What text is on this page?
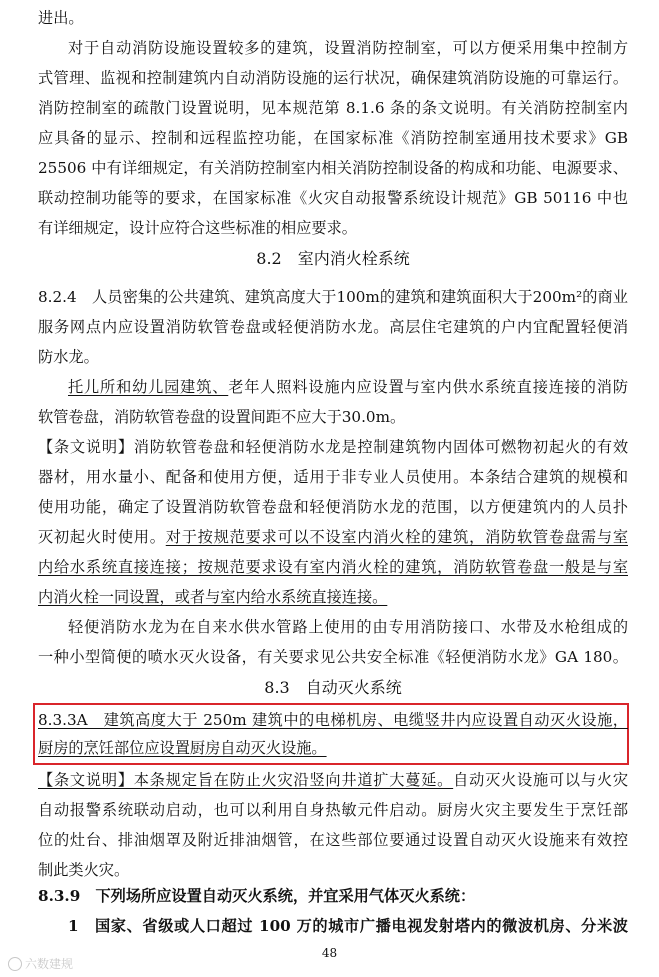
进出。
对于自动消防设施设置较多的建筑，设置消防控制室，可以方便采用集中控制方
式管理、监视和控制建筑内自动消防设施的运行状况，确保建筑消防设施的可靠运行。
消防控制室的疏散门设置说明，见本规范第 8.1.6 条的条文说明。有关消防控制室内
应具备的显示、控制和远程监控功能，在国家标准《消防控制室通用技术要求》GB
25506 中有详细规定，有关消防控制室内相关消防控制设备的构成和功能、电源要求、
联动控制功能等的要求，在国家标准《火灾自动报警系统设计规范》GB 50116 中也
有详细规定，设计应符合这些标准的相应要求。
8.2　室内消火栓系统
8.2.4　人员密集的公共建筑、建筑高度大于100m的建筑和建筑面积大于200m²的商业
服务网点内应设置消防软管卷盘或轻便消防水龙。高层住宅建筑的户内宜配置轻便消
防水龙。
托儿所和幼儿园建筑、老年人照料设施内应设置与室内供水系统直接连接的消防
软管卷盘，消防软管卷盘的设置间距不应大于30.0m。
【条文说明】消防软管卷盘和轻便消防水龙是控制建筑物内固体可燃物初起火的有效
器材，用水量小、配备和使用方便，适用于非专业人员使用。本条结合建筑的规模和
使用功能，确定了设置消防软管卷盘和轻便消防水龙的范围，以方便建筑内的人员扑
灭初起火时使用。对于按规范要求可以不设室内消火栓的建筑，消防软管卷盘需与室
内给水系统直接连接；按规范要求设有室内消火栓的建筑，消防软管卷盘一般是与室
内消火栓一同设置，或者与室内给水系统直接连接。
轻便消防水龙为在自来水供水管路上使用的由专用消防接口、水带及水枪组成的
一种小型简便的喷水灭火设备，有关要求见公共安全标准《轻便消防水龙》GA 180。
8.3　自动灭火系统
8.3.3A　建筑高度大于 250m 建筑中的电梯机房、电缆竖井内应设置自动灭火设施，
厨房的烹饪部位应设置厨房自动灭火设施。
【条文说明】本条规定旨在防止火灾沿竖向井道扩大蔓延。自动灭火设施可以与火灾
自动报警系统联动启动，也可以利用自身热敏元件启动。厨房火灾主要发生于烹饪部
位的灶台、排油烟罩及附近排油烟管，在这些部位要通过设置自动灭火设施来有效控
制此类火灾。
8.3.9　下列场所应设置自动灭火系统，并宜采用气体灭火系统：
1　国家、省级或人口超过 100 万的城市广播电视发射塔内的微波机房、分米波
48
六数建规
